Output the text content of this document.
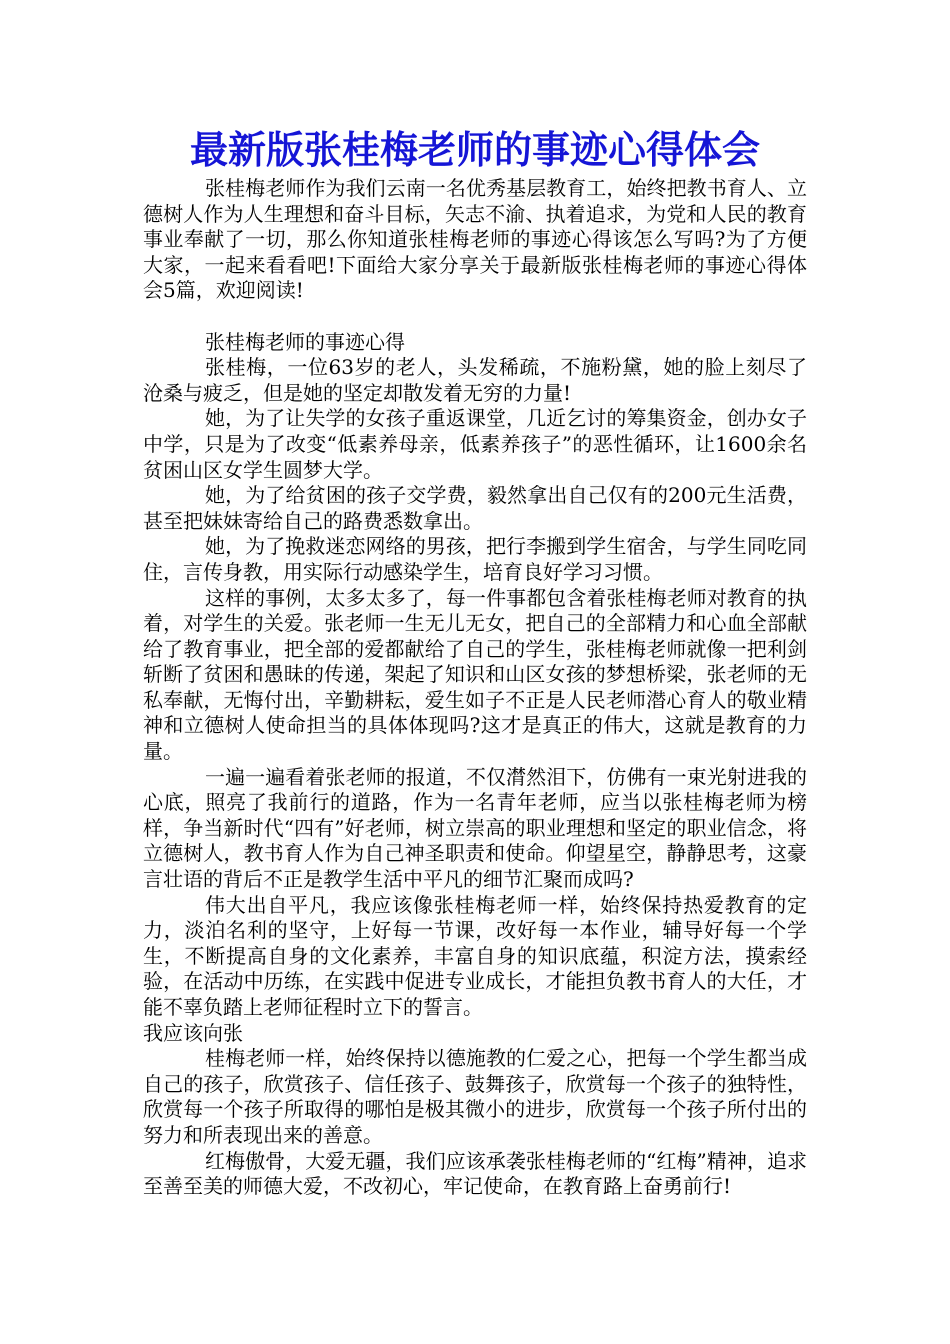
最新版张桂梅老师的事迹心得体会

张桂梅老师作为我们云南一名优秀基层教育工，始终把教书育人、立德树人作为人生理想和奋斗目标，矢志不渝、执着追求，为党和人民的教育事业奉献了一切，那么你知道张桂梅老师的事迹心得该怎么写吗?为了方便大家，一起来看看吧!下面给大家分享关于最新版张桂梅老师的事迹心得体会5篇，欢迎阅读!

张桂梅老师的事迹心得

张桂梅，一位63岁的老人，头发稀疏，不施粉黛，她的脸上刻尽了沧桑与疲乏，但是她的坚定却散发着无穷的力量!

她，为了让失学的女孩子重返课堂，几近乞讨的筹集资金，创办女子中学，只是为了改变“低素养母亲，低素养孩子”的恶性循环，让1600余名贫困山区女学生圆梦大学。

她，为了给贫困的孩子交学费，毅然拿出自己仅有的200元生活费，甚至把妹妹寄给自己的路费悉数拿出。

她，为了挽救迷恋网络的男孩，把行李搬到学生宿舍，与学生同吃同住，言传身教，用实际行动感染学生，培育良好学习习惯。

这样的事例，太多太多了，每一件事都包含着张桂梅老师对教育的执着，对学生的关爱。张老师一生无儿无女，把自己的全部精力和心血全部献给了教育事业，把全部的爱都献给了自己的学生，张桂梅老师就像一把利剑斩断了贫困和愚昧的传递，架起了知识和山区女孩的梦想桥梁，张老师的无私奉献，无悔付出，辛勤耕耘，爱生如子不正是人民老师潜心育人的敬业精神和立德树人使命担当的具体体现吗?这才是真正的伟大，这就是教育的力量。

一遍一遍看着张老师的报道，不仅潸然泪下，仿佛有一束光射进我的心底，照亮了我前行的道路，作为一名青年老师，应当以张桂梅老师为榜样，争当新时代“四有”好老师，树立崇高的职业理想和坚定的职业信念，将立德树人，教书育人作为自己神圣职责和使命。仰望星空，静静思考，这豪言壮语的背后不正是教学生活中平凡的细节汇聚而成吗?

伟大出自平凡，我应该像张桂梅老师一样，始终保持热爱教育的定力，淡泊名利的坚守，上好每一节课，改好每一本作业，辅导好每一个学生，不断提高自身的文化素养，丰富自身的知识底蕴，积淀方法，摸索经验，在活动中历练，在实践中促进专业成长，才能担负教书育人的大任，才能不辜负踏上老师征程时立下的誓言。

我应该向张

桂梅老师一样，始终保持以德施教的仁爱之心，把每一个学生都当成自己的孩子，欣赏孩子、信任孩子、鼓舞孩子，欣赏每一个孩子的独特性，欣赏每一个孩子所取得的哪怕是极其微小的进步，欣赏每一个孩子所付出的努力和所表现出来的善意。

红梅傲骨，大爱无疆，我们应该承袭张桂梅老师的“红梅”精神，追求至善至美的师德大爱，不改初心，牢记使命，在教育路上奋勇前行!
